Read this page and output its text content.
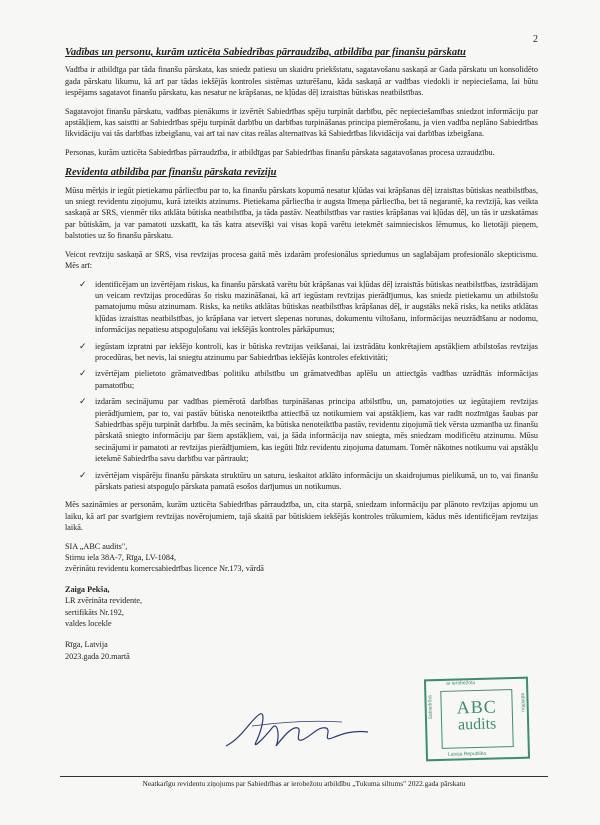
2
Vadības un personu, kurām uzticēta Sabiedrības pārraudzība, atbildība par finanšu pārskatu

Vadība ir atbildīga par tāda finanšu pārskata, kas sniedz patiesu un skaidru priekšstatu, sagatavošanu saskaņā ar Gada pārskatu un konsolidēto gada pārskatu likumu, kā arī par tādas iekšējās kontroles sistēmas uzturēšanu, kāda saskaņā ar vadības viedokli ir nepieciešama, lai būtu iespējams sagatavot finanšu pārskatu, kas nesatur ne krāpšanas, ne kļūdas dēļ izraisītas būtiskas neatbilstības.

Sagatavojot finanšu pārskatu, vadības pienākums ir izvērtēt Sabiedrības spēju turpināt darbību, pēc nepieciešamības sniedzot informāciju par apstākļiem, kas saistīti ar Sabiedrības spēju turpināt darbību un darbības turpināšanas principa piemērošanu, ja vien vadība neplāno Sabiedrības likvidāciju vai tās darbības izbeigšanu, vai arī tai nav citas reālas alternatīvas kā Sabiedrības likvidācija vai darbības izbeigšana.

Personas, kurām uzticēta Sabiedrības pārraudzība, ir atbildīgas par Sabiedrības finanšu pārskata sagatavošanas procesa uzraudzību.

Revidenta atbildība par finanšu pārskata revīziju

Mūsu mērķis ir iegūt pietiekamu pārliecību par to, ka finanšu pārskats kopumā nesatur kļūdas vai krāpšanas dēļ izraisītas būtiskas neatbilstības, un sniegt revidentu ziņojumu, kurā izteikts atzinums. Pietiekama pārliecība ir augsta līmeņa pārliecība, bet tā negarantē, ka revīzijā, kas veikta saskaņā ar SRS, vienmēr tiks atklāta būtiska neatbilstība, ja tāda pastāv. Neatbilstības var rasties krāpšanas vai kļūdas dēļ, un tās ir uzskatāmas par būtiskām, ja var pamatoti uzskatīt, ka tās katra atsevišķi vai visas kopā varētu ietekmēt saimnieciskos lēmumus, ko lietotāji pieņem, balstoties uz šo finanšu pārskatu.

Veicot revīziju saskaņā ar SRS, visa revīzijas procesa gaitā mēs izdarām profesionālus spriedumus un saglabājam profesionālo skepticismu. Mēs arī:

✓ identificējam un izvērtējam riskus, ka finanšu pārskatā varētu būt krāpšanas vai kļūdas dēļ izraisītās būtiskas neatbilstības, izstrādājam un veicam revīzijas procedūras šo risku mazināšanai, kā arī iegūstam revīzijas pierādījumus, kas sniedz pietiekamu un atbilstošu pamatojumu mūsu atzinumam. Risks, ka netiks atklātas būtiskas neatbilstības krāpšanas dēļ, ir augstāks nekā risks, ka netiks atklātas kļūdas izraisītas neatbilstības, jo krāpšana var ietvert slepenas norunas, dokumentu viltošanu, informācijas neuzrādīšanu ar nodomu, informācijas nepatiesu atspoguļošanu vai iekšējās kontroles pārkāpumus;
✓ iegūstam izpratni par iekšējo kontroli, kas ir būtiska revīzijas veikšanai, lai izstrādātu konkrētajiem apstākļiem atbilstošas revīzijas procedūras, bet nevis, lai sniegtu atzinumu par Sabiedrības iekšējās kontroles efektivitāti;
✓ izvērtējam pielietoto grāmatvedības politiku atbilstību un grāmatvedības aplēšu un attiecīgās vadības uzrādītās informācijas pamatotību;
✓ izdarām secinājumu par vadības piemērotā darbības turpināšanas principa atbilstību, un, pamatojoties uz iegūtajiem revīzijas pierādījumiem, par to, vai pastāv būtiska nenoteiktība attiecībā uz notikumiem vai apstākļiem, kas var radīt nozīmīgas šaubas par Sabiedrības spēju turpināt darbību. Ja mēs secinām, ka būtiska nenoteiktība pastāv, revidentu ziņojumā tiek vērsta uzmanība uz finanšu pārskatā sniegto informāciju par šiem apstākļiem, vai, ja šāda informācija nav sniegta, mēs sniedzam modificētu atzinumu. Mūsu secinājumi ir pamatoti ar revīzijas pierādījumiem, kas iegūti līdz revidentu ziņojuma datumam. Tomēr nākotnes notikumu vai apstākļu ietekmē Sabiedrība savu darbību var pārtraukt;
✓ izvērtējam vispārēju finanšu pārskata struktūru un saturu, ieskaitot atklāto informāciju un skaidrojumus pielikumā, un to, vai finanšu pārskats patiesi atspoguļo pārskata pamatā esošos darījumus un notikumus.

Mēs sazināmies ar personām, kurām uzticēta Sabiedrības pārraudzība, un, cita starpā, sniedzam informāciju par plānoto revīzijas apjomu un laiku, kā arī par svarīgiem revīzijas novērojumiem, tajā skaitā par būtiskiem iekšējās kontroles trūkumiem, kādus mēs identificējam revīzijas laikā.

SIA „ABC audits",
Stirnu iela 38A-7, Rīga, LV-1084,
zvērinātu revidentu komercsabiedrības licence Nr.173, vārdā
Zaiga Pekša,
LR zvērināta revidente,
sertifikāts Nr.192,
valdes locekle
Rīga, Latvija
2023.gada 20.martā
ar ierobežotu
Sabiedrība	atbildību
ABC
audits
Latvija Republika
Neatkarīgu revidentu ziņojums par Sabiedrības ar ierobežotu atbildību „Tukuma siltums" 2022.gada pārskatu
